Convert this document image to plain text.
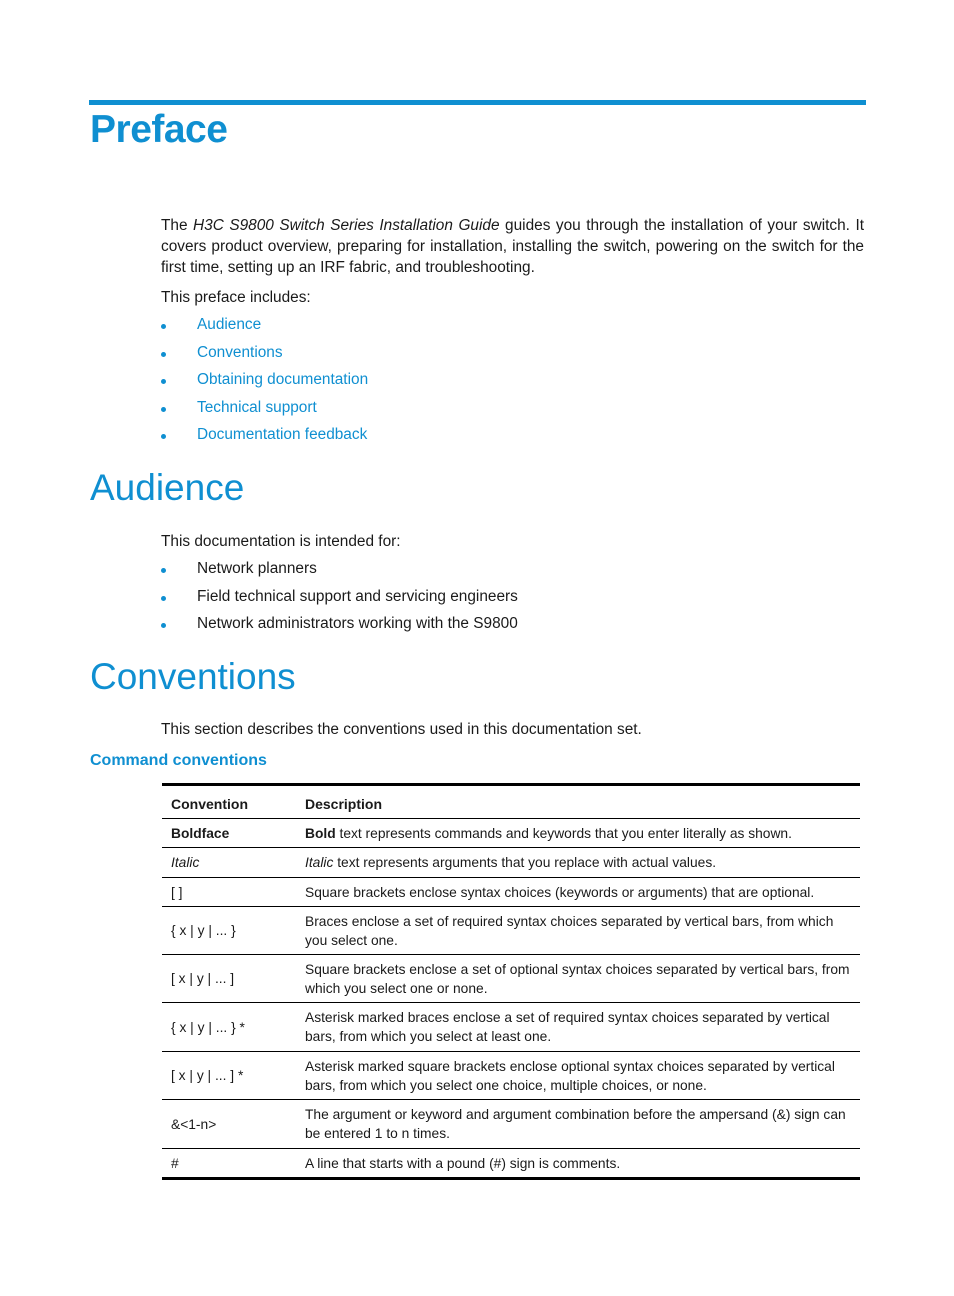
Preface
The H3C S9800 Switch Series Installation Guide guides you through the installation of your switch. It covers product overview, preparing for installation, installing the switch, powering on the switch for the first time, setting up an IRF fabric, and troubleshooting.
This preface includes:
Audience
Conventions
Obtaining documentation
Technical support
Documentation feedback
Audience
This documentation is intended for:
Network planners
Field technical support and servicing engineers
Network administrators working with the S9800
Conventions
This section describes the conventions used in this documentation set.
Command conventions
Convention	Description
Boldface	Bold text represents commands and keywords that you enter literally as shown.
Italic	Italic text represents arguments that you replace with actual values.
[ ]	Square brackets enclose syntax choices (keywords or arguments) that are optional.
{ x | y | ... }	Braces enclose a set of required syntax choices separated by vertical bars, from which you select one.
[ x | y | ... ]	Square brackets enclose a set of optional syntax choices separated by vertical bars, from which you select one or none.
{ x | y | ... } *	Asterisk marked braces enclose a set of required syntax choices separated by vertical bars, from which you select at least one.
[ x | y | ... ] *	Asterisk marked square brackets enclose optional syntax choices separated by vertical bars, from which you select one choice, multiple choices, or none.
&<1-n>	The argument or keyword and argument combination before the ampersand (&) sign can be entered 1 to n times.
#	A line that starts with a pound (#) sign is comments.
